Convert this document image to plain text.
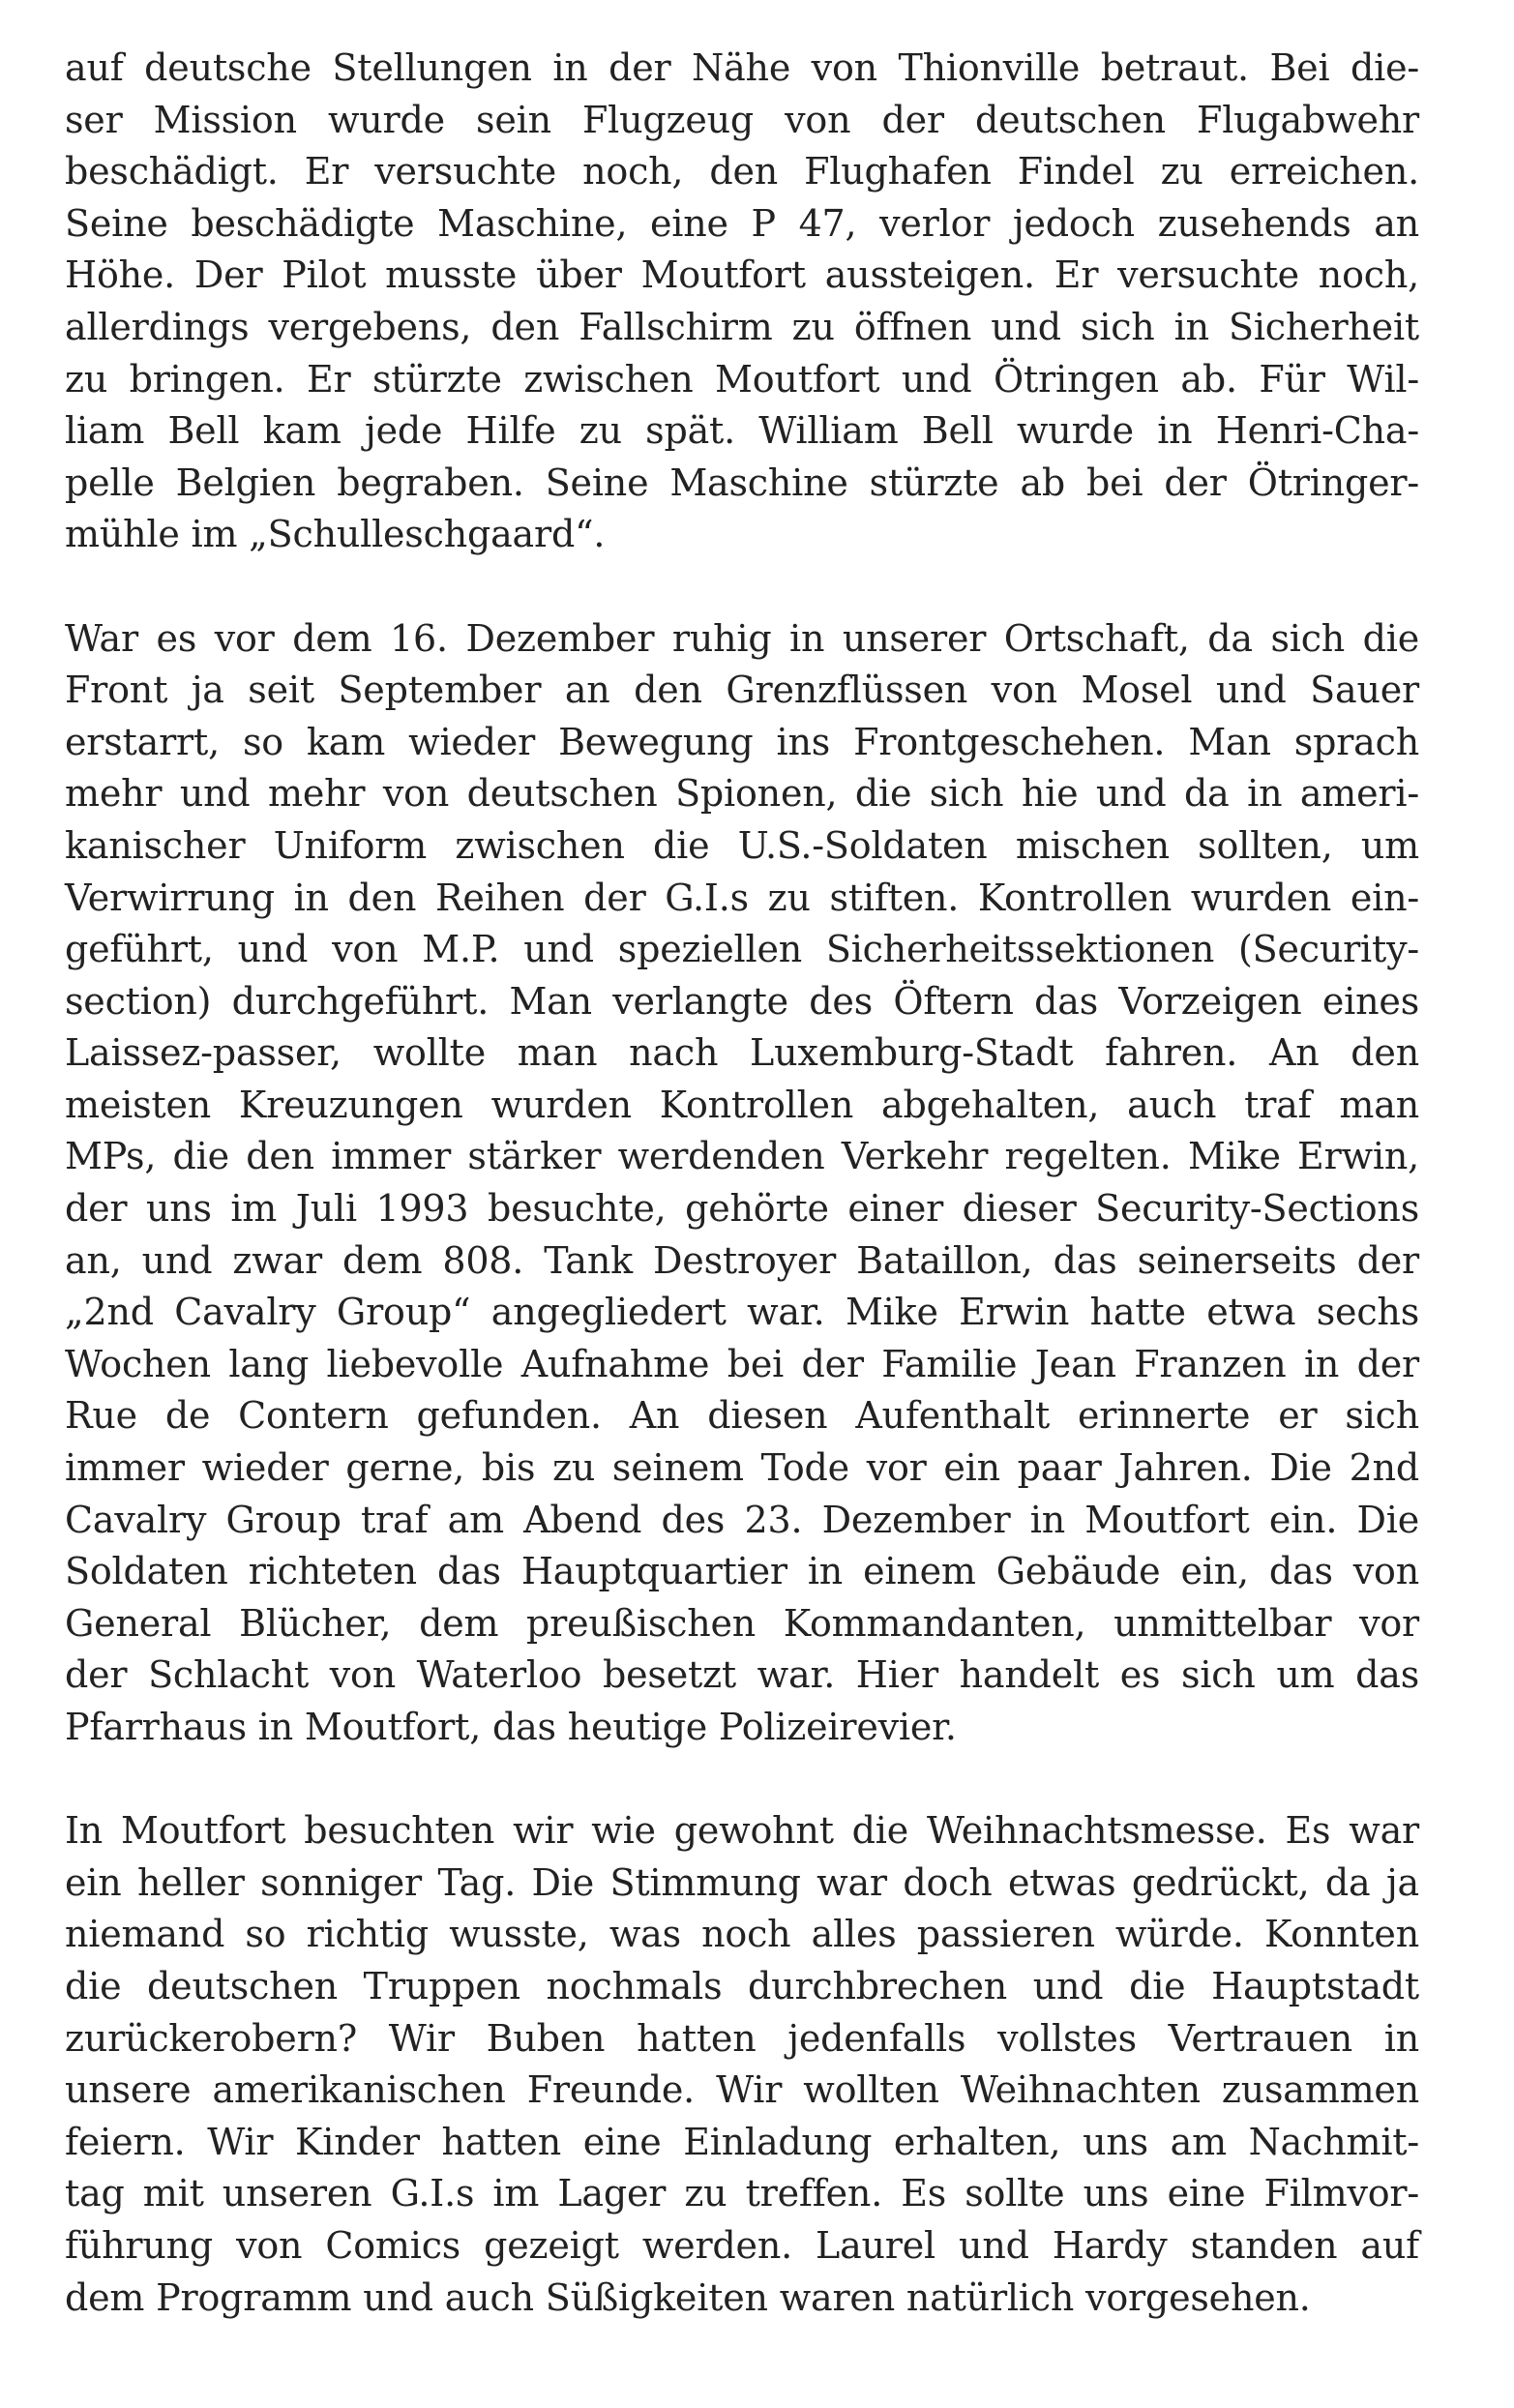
auf deutsche Stellungen in der Nähe von Thionville betraut. Bei die-
ser Mission wurde sein Flugzeug von der deutschen Flugabwehr
beschädigt. Er versuchte noch, den Flughafen Findel zu erreichen.
Seine beschädigte Maschine, eine P 47, verlor jedoch zusehends an
Höhe. Der Pilot musste über Moutfort aussteigen. Er versuchte noch,
allerdings vergebens, den Fallschirm zu öffnen und sich in Sicherheit
zu bringen. Er stürzte zwischen Moutfort und Ötringen ab. Für Wil-
liam Bell kam jede Hilfe zu spät. William Bell wurde in Henri-Cha-
pelle Belgien begraben. Seine Maschine stürzte ab bei der Ötringer-
mühle im „Schulleschgaard“.
War es vor dem 16. Dezember ruhig in unserer Ortschaft, da sich die
Front ja seit September an den Grenzflüssen von Mosel und Sauer
erstarrt, so kam wieder Bewegung ins Frontgeschehen. Man sprach
mehr und mehr von deutschen Spionen, die sich hie und da in ameri-
kanischer Uniform zwischen die U.S.-Soldaten mischen sollten, um
Verwirrung in den Reihen der G.I.s zu stiften. Kontrollen wurden ein-
geführt, und von M.P. und speziellen Sicherheitssektionen (Security-
section) durchgeführt. Man verlangte des Öftern das Vorzeigen eines
Laissez-passer, wollte man nach Luxemburg-Stadt fahren. An den
meisten Kreuzungen wurden Kontrollen abgehalten, auch traf man
MPs, die den immer stärker werdenden Verkehr regelten. Mike Erwin,
der uns im Juli 1993 besuchte, gehörte einer dieser Security-Sections
an, und zwar dem 808. Tank Destroyer Bataillon, das seinerseits der
„2nd Cavalry Group“ angegliedert war. Mike Erwin hatte etwa sechs
Wochen lang liebevolle Aufnahme bei der Familie Jean Franzen in der
Rue de Contern gefunden. An diesen Aufenthalt erinnerte er sich
immer wieder gerne, bis zu seinem Tode vor ein paar Jahren. Die 2nd
Cavalry Group traf am Abend des 23. Dezember in Moutfort ein. Die
Soldaten richteten das Hauptquartier in einem Gebäude ein, das von
General Blücher, dem preußischen Kommandanten, unmittelbar vor
der Schlacht von Waterloo besetzt war. Hier handelt es sich um das
Pfarrhaus in Moutfort, das heutige Polizeirevier.
In Moutfort besuchten wir wie gewohnt die Weihnachtsmesse. Es war
ein heller sonniger Tag. Die Stimmung war doch etwas gedrückt, da ja
niemand so richtig wusste, was noch alles passieren würde. Konnten
die deutschen Truppen nochmals durchbrechen und die Hauptstadt
zurückerobern? Wir Buben hatten jedenfalls vollstes Vertrauen in
unsere amerikanischen Freunde. Wir wollten Weihnachten zusammen
feiern. Wir Kinder hatten eine Einladung erhalten, uns am Nachmit-
tag mit unseren G.I.s im Lager zu treffen. Es sollte uns eine Filmvor-
führung von Comics gezeigt werden. Laurel und Hardy standen auf
dem Programm und auch Süßigkeiten waren natürlich vorgesehen.
